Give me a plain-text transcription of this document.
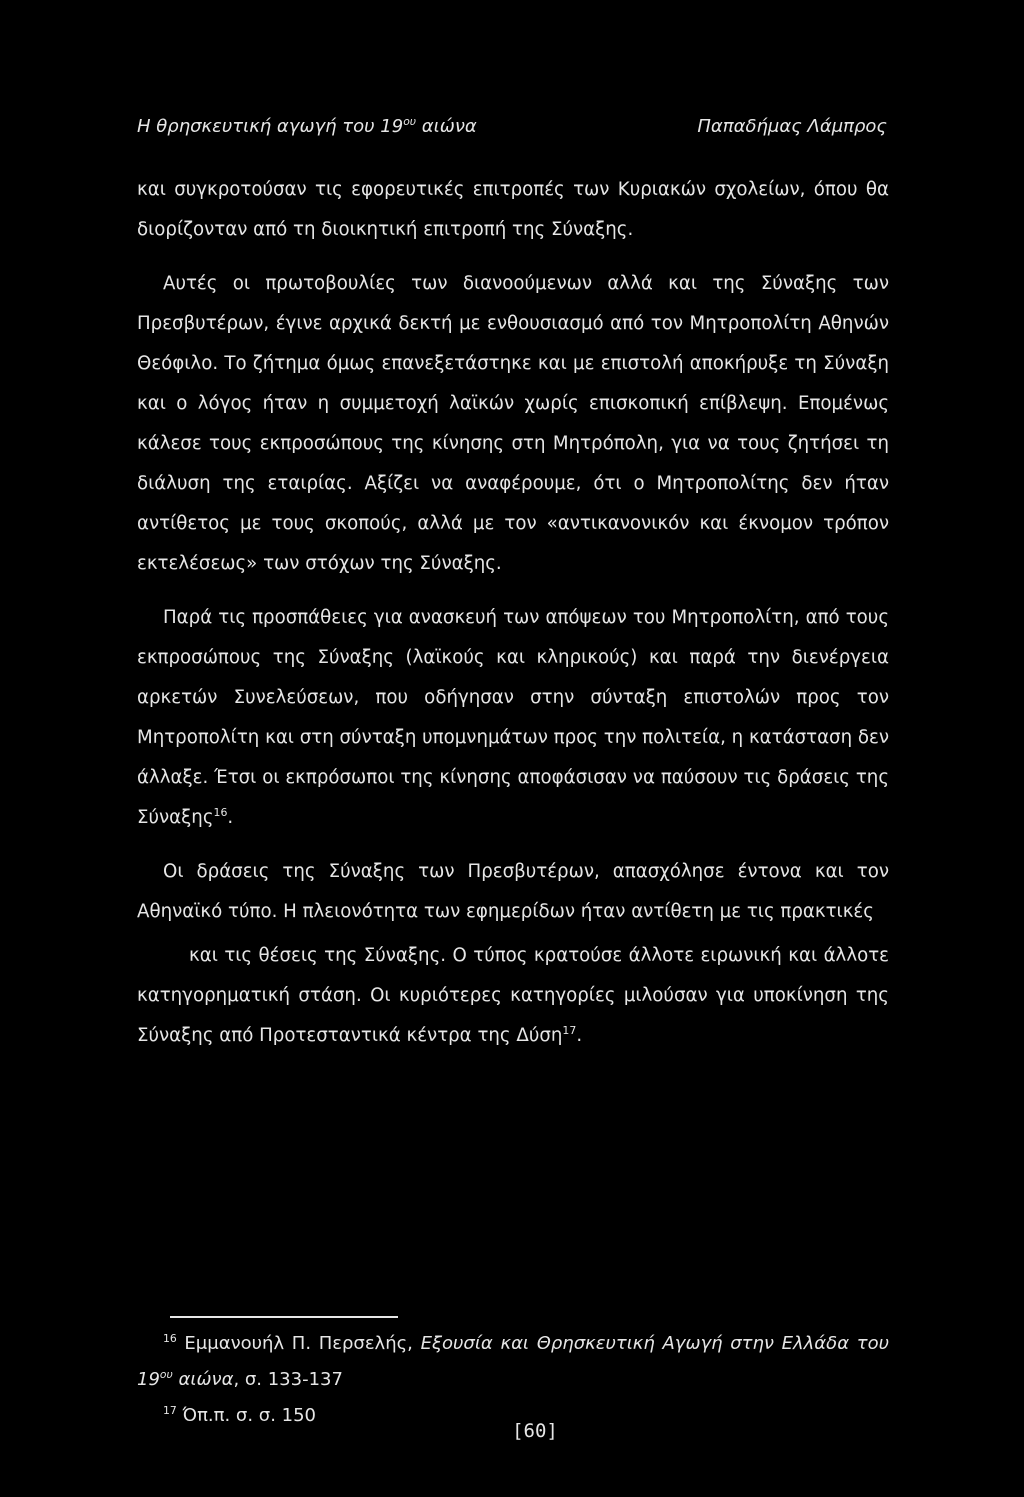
Η θρησκευτική αγωγή του $19^{o\upsilon}$ αιώνα	Παπαδήμας Λάμπρος

και συγκροτούσαν τις εφορευτικές επιτροπές των Κυριακών σχολείων, όπου θα διορίζονταν από τη διοικητική επιτροπή της Σύναξης.

Αυτές οι πρωτοβουλίες των διανοούμενων αλλά και της Σύναξης των Πρεσβυτέρων, έγινε αρχικά δεκτή με ενθουσιασμό από τον Μητροπολίτη Αθηνών Θεόφιλο. Το ζήτημα όμως επανεξετάστηκε και με επιστολή αποκήρυξε τη Σύναξη και ο λόγος ήταν η συμμετοχή λαϊκών χωρίς επισκοπική επίβλεψη. Επομένως κάλεσε τους εκπροσώπους της κίνησης στη Μητρόπολη, για να τους ζητήσει τη διάλυση της εταιρίας. Αξίζει να αναφέρουμε, ότι ο Μητροπολίτης δεν ήταν αντίθετος με τους σκοπούς, αλλά με τον «αντικανονικόν και έκνομον τρόπον εκτελέσεως» των στόχων της Σύναξης.

Παρά τις προσπάθειες για ανασκευή των απόψεων του Μητροπολίτη, από τους εκπροσώπους της Σύναξης (λαϊκούς και κληρικούς) και παρά την διενέργεια αρκετών Συνελεύσεων, που οδήγησαν στην σύνταξη επιστολών προς τον Μητροπολίτη και στη σύνταξη υπομνημάτων προς την πολιτεία, η κατάσταση δεν άλλαξε. Έτσι οι εκπρόσωποι της κίνησης αποφάσισαν να παύσουν τις δράσεις της Σύναξης$^{16}$.

Οι δράσεις της Σύναξης των Πρεσβυτέρων, απασχόλησε έντονα και τον Αθηναϊκό τύπο. Η πλειονότητα των εφημερίδων ήταν αντίθετη με τις πρακτικές
και τις θέσεις της Σύναξης. Ο τύπος κρατούσε άλλοτε ειρωνική και άλλοτε κατηγορηματική στάση. Οι κυριότερες κατηγορίες μιλούσαν για υποκίνηση της Σύναξης από Προτεσταντικά κέντρα της Δύση$^{17}$.

$^{16}$ Εμμανουήλ Π. Περσελής, Εξουσία και Θρησκευτική Αγωγή στην Ελλάδα του $19^{o\upsilon}$ αιώνα, σ. 133-137

$^{17}$ Όπ.π. σ. σ. 150

[60]
